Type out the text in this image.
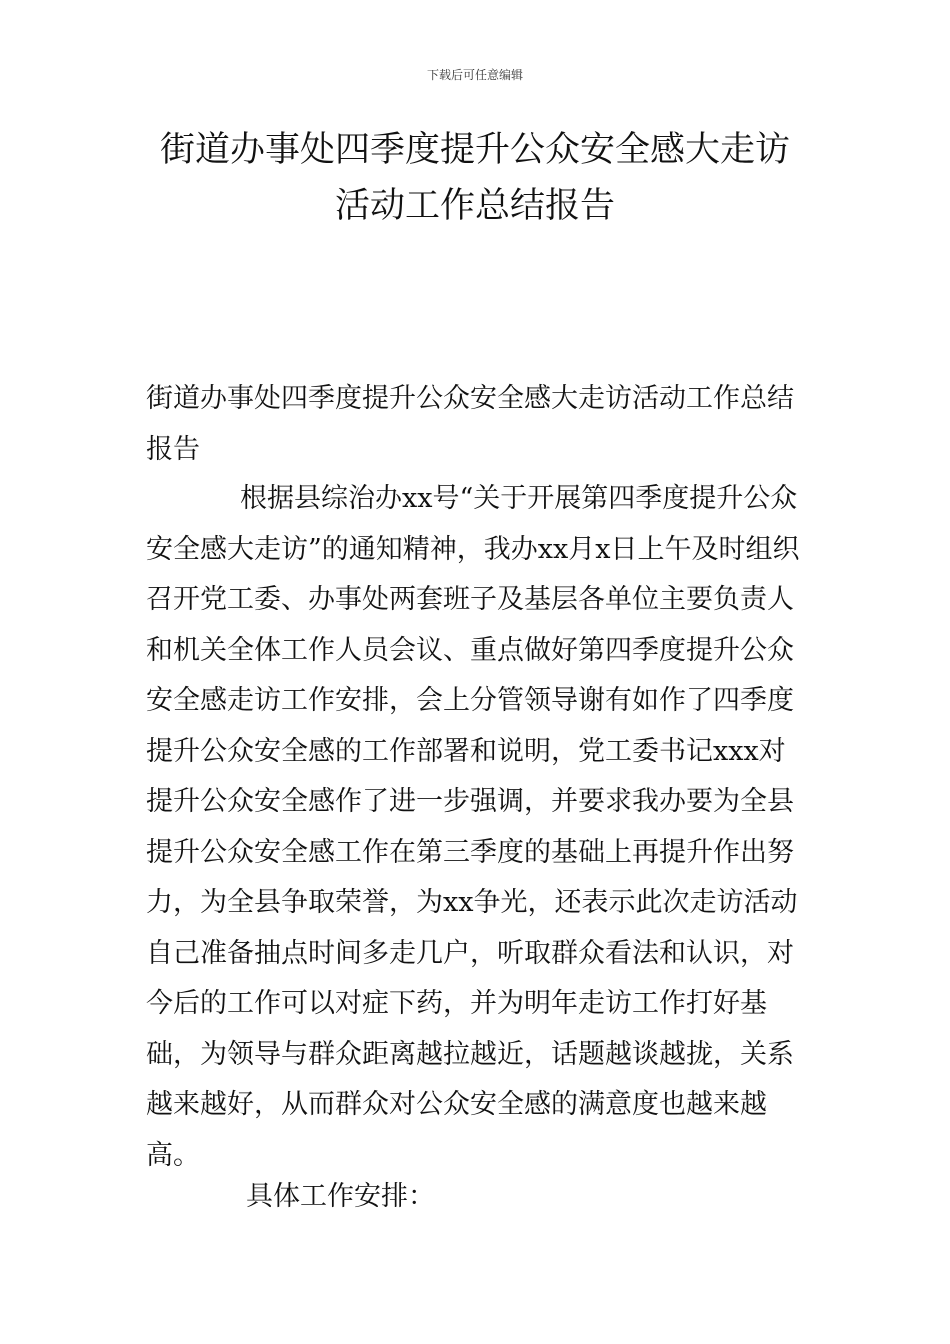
下载后可任意编辑
街道办事处四季度提升公众安全感大走访活动工作总结报告

街道办事处四季度提升公众安全感大走访活动工作总结报告

根据县综治办xx号“关于开展第四季度提升公众安全感大走访”的通知精神，我办xx月x日上午及时组织召开党工委、办事处两套班子及基层各单位主要负责人和机关全体工作人员会议、重点做好第四季度提升公众安全感走访工作安排，会上分管领导谢有如作了四季度提升公众安全感的工作部署和说明，党工委书记xxx对提升公众安全感作了进一步强调，并要求我办要为全县提升公众安全感工作在第三季度的基础上再提升作出努力，为全县争取荣誉，为xx争光，还表示此次走访活动自己准备抽点时间多走几户，听取群众看法和认识，对今后的工作可以对症下药，并为明年走访工作打好基础，为领导与群众距离越拉越近，话题越谈越拢，关系越来越好，从而群众对公众安全感的满意度也越来越高。

具体工作安排：
